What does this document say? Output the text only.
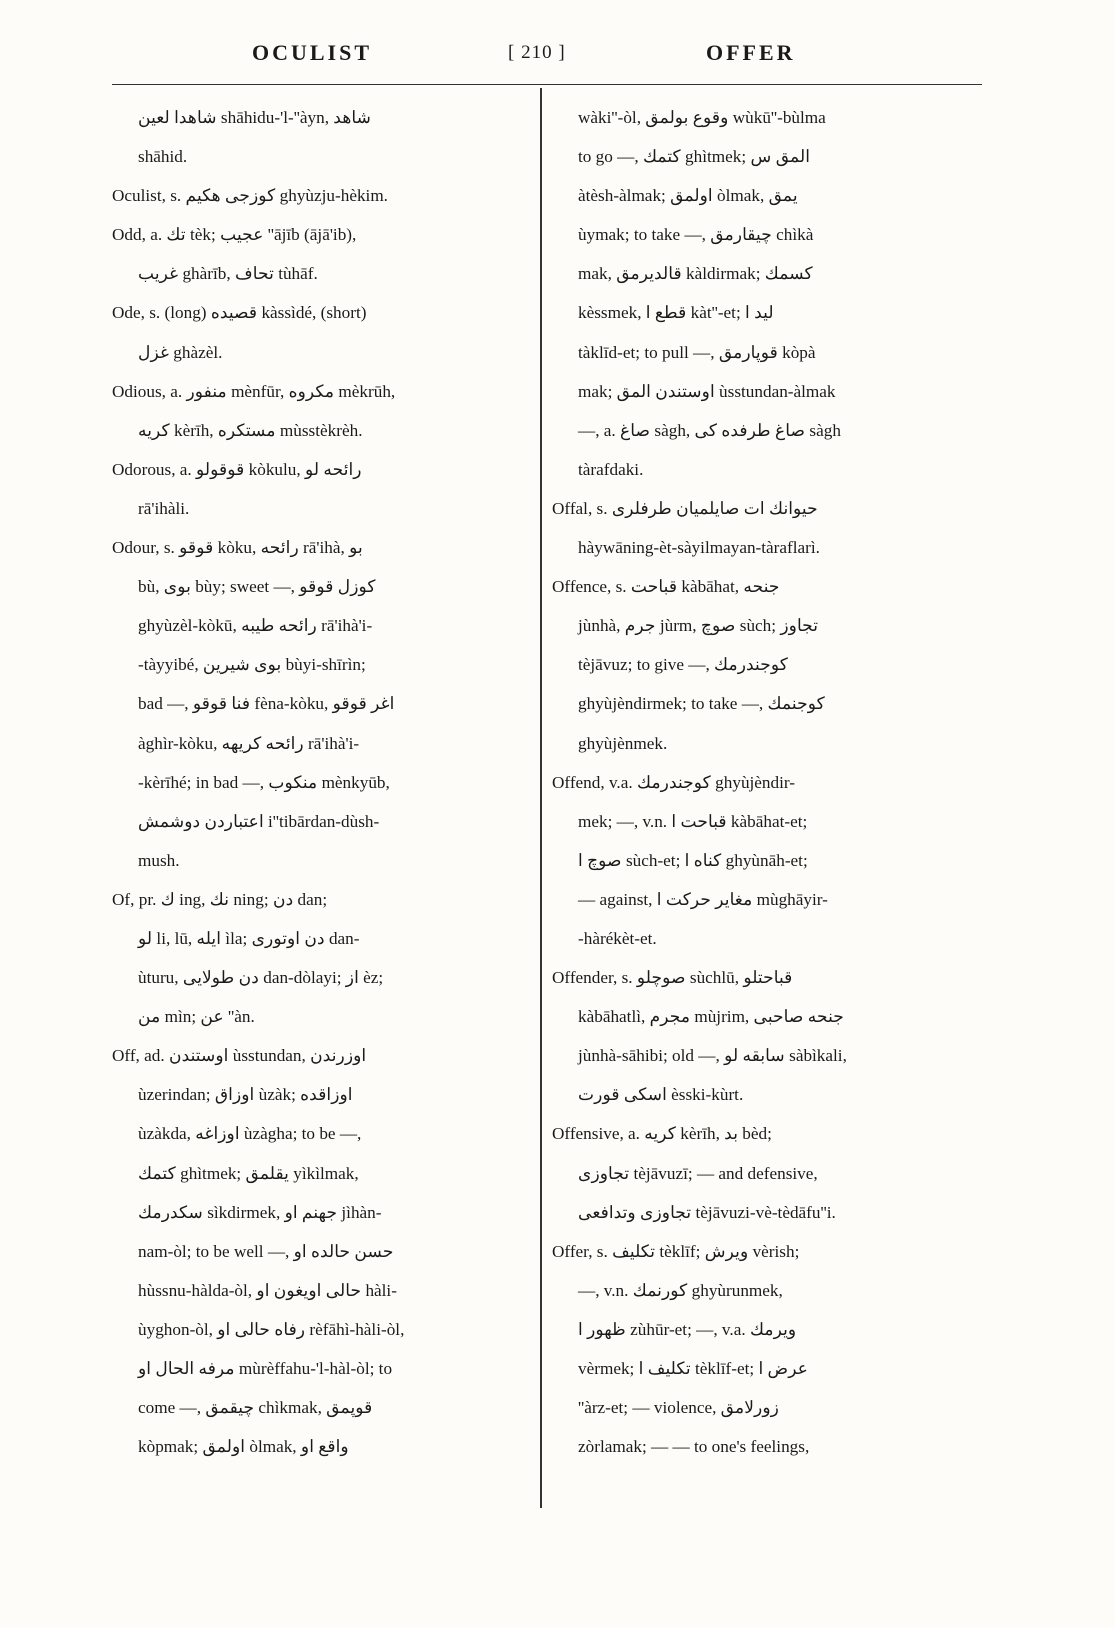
OCULIST	[ 210 ]	OFFER
شاهدا لعين shāhidu-'l-''àyn, شاهد
shāhid.
Oculist, s. كوزجى هكيم ghyùzju-hèkim.
Odd, a. تك tèk; عجيب ''ājīb (ājā'ib),
غريب ghàrīb, تحاف tùhāf.
Ode, s. (long) قصيده kàssìdé, (short)
غزل ghàzèl.
Odious, a. منفور mènfūr, مكروه mèkrūh,
كريه kèrīh, مستكره mùsstèkrèh.
Odorous, a. قوقولو kòkulu, رائحه لو
rā'ihàli.
Odour, s. قوقو kòku, رائحه rā'ihà, بو
bù, بوى bùy; sweet —, كوزل قوقو
ghyùzèl-kòkū, رائحه طيبه rā'ihà'i-
-tàyyibé, بوى شيرين bùyi-shīrìn;
bad —, فنا قوقو fèna-kòku, اغر قوقو
àghìr-kòku, رائحه كريهه rā'ihà'i-
-kèrīhé; in bad —, منكوب mènkyūb,
اعتباردن دوشمش i''tibārdan-dùsh-
mush.
Of, pr. ك ing, نك ning; دن dan;
لو li, lū, ايله ìla; دن اوتورى dan-
ùturu, دن طولايى dan-dòlayi; از èz;
من mìn; عن ''àn.
Off, ad. اوستندن ùsstundan, اوزرندن
ùzerindan; اوزاق ùzàk; اوزاقده
ùzàkda, اوزاغه ùzàgha; to be —,
كتمك ghìtmek; يقلمق yìkìlmak,
سكدرمك sìkdirmek, جهنم او jìhàn-
nam-òl; to be well —, حسن حالده او
hùssnu-hàlda-òl, حالى اويغون او hàli-
ùyghon-òl, رفاه حالى او rèfāhì-hàli-òl,
مرفه الحال او mùrèffahu-'l-hàl-òl; to
come —, چيقمق chìkmak, قوپمق
kòpmak; اولمق òlmak, واقع او
wàki''-òl, وقوع بولمق wùkū''-bùlma
to go —, كتمك ghìtmek; المق س
àtèsh-àlmak; اولمق òlmak, يمق
ùymak; to take —, چيقارمق chìkà
mak, قالديرمق kàldirmak; كسمك
kèssmek, قطع ا kàt''-et; ليد ا
tàklīd-et; to pull —, قوپارمق kòpà
mak; اوستندن المق ùsstundan-àlmak
—, a. صاغ sàgh, صاغ طرفده كى sàgh
tàrafdaki.
Offal, s. حيوانك ات صايلميان طرفلرى
hàywāning-èt-sàyilmayan-tàraflarì.
Offence, s. قباحت kàbāhat, جنحه
jùnhà, جرم jùrm, صوچ sùch; تجاوز
tèjāvuz; to give —, كوجندرمك
ghyùjèndirmek; to take —, كوجنمك
ghyùjènmek.
Offend, v.a. كوجندرمك ghyùjèndir-
mek; —, v.n. قباحت ا kàbāhat-et;
صوچ ا sùch-et; كناه ا ghyùnāh-et;
— against, مغاير حركت ا mùghāyir-
-hàrékèt-et.
Offender, s. صوچلو sùchlū, قباحتلو
kàbāhatlì, مجرم mùjrim, جنحه صاحبى
jùnhà-sāhibi; old —, سابقه لو sàbìkali,
اسكى قورت èsski-kùrt.
Offensive, a. كريه kèrīh, بد bèd;
تجاوزى tèjāvuzī; — and defensive,
تجاوزى وتدافعى tèjāvuzi-vè-tèdāfu''i.
Offer, s. تكليف tèklīf; ويرش vèrish;
—, v.n. كورنمك ghyùrunmek,
ظهور ا zùhūr-et; —, v.a. ويرمك
vèrmek; تكليف ا tèklīf-et; عرض ا
''àrz-et; — violence, زورلامق
zòrlamak; — — to one's feelings,
